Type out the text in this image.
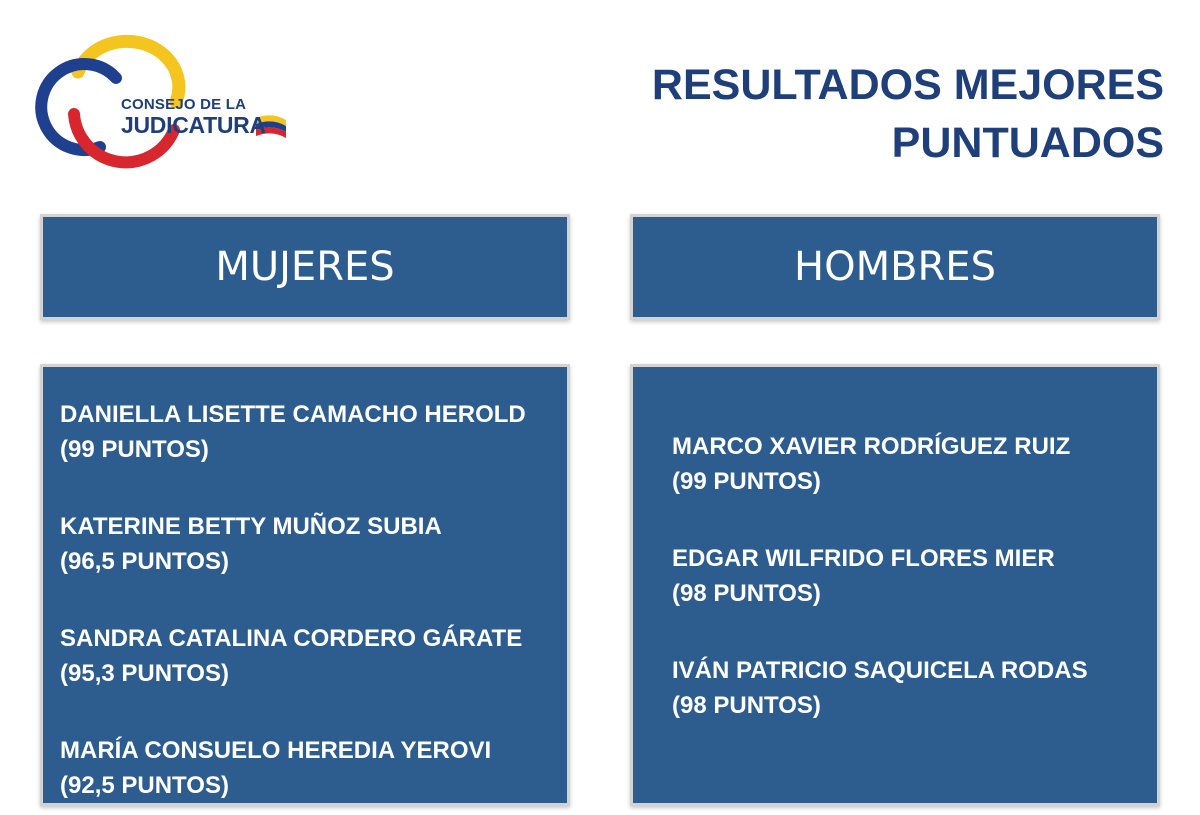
CONSEJO DE LA
JUDICATURA
RESULTADOS MEJORES
PUNTUADOS
MUJERES	HOMBRES
DANIELLA LISETTE CAMACHO HEROLD
(99 PUNTOS)
KATERINE BETTY MUÑOZ SUBIA
(96,5 PUNTOS)
SANDRA CATALINA CORDERO GÁRATE
(95,3 PUNTOS)
MARÍA CONSUELO HEREDIA YEROVI
(92,5 PUNTOS)
MARCO XAVIER RODRÍGUEZ RUIZ
(99 PUNTOS)
EDGAR WILFRIDO FLORES MIER
(98 PUNTOS)
IVÁN PATRICIO SAQUICELA RODAS
(98 PUNTOS)
